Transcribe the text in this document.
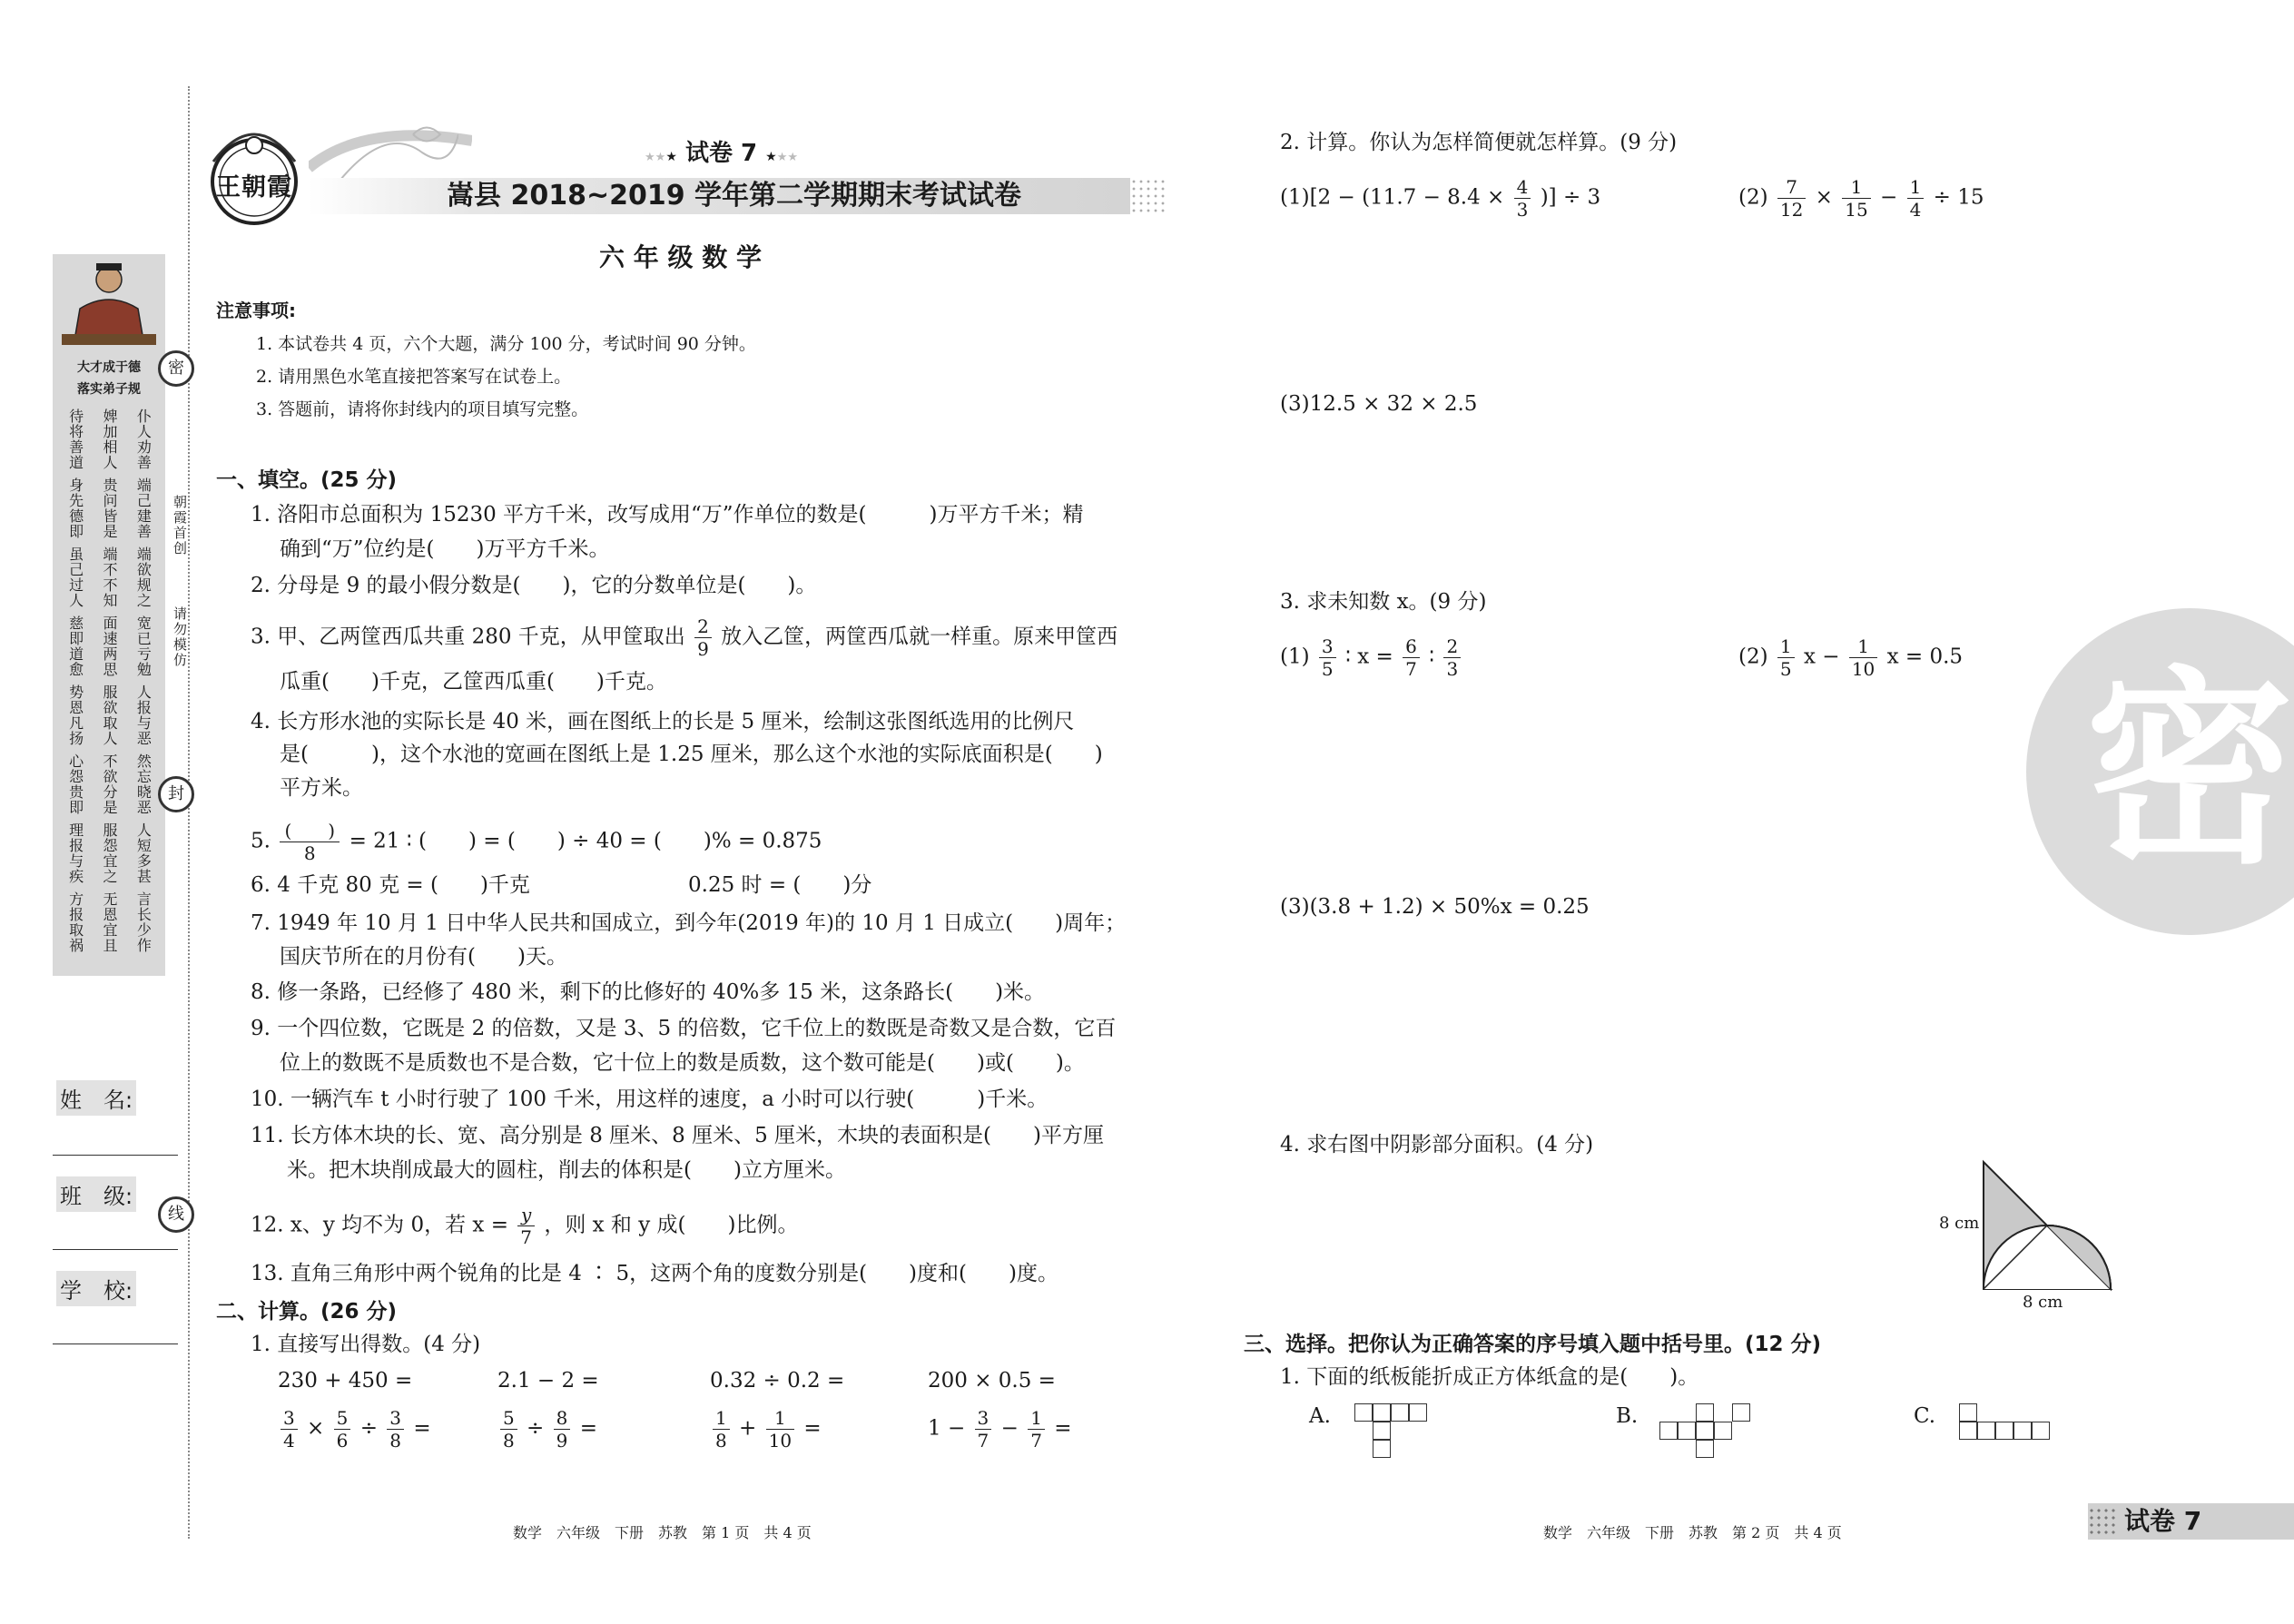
大才成于德
落实弟子规
待将善道 婢加相人 仆人劝善
身先德即 贵问皆是 端己建善
虽己过人 端不不知 端欲规之
慈即道愈 面速两思 宽已亏勉
势恩凡扬 服欲取人 人报与恶
心怨贵即 不欲分是 然忘晓恶
理报与疾 服怨宜之 人短多甚
方报取祸 无恩宜且 言长少作
密
封
线
朝霞首创
请勿模仿
姓　名:
班　级:
学　校:
王朝霞
★★★ 试卷 7 ★★★
嵩县 2018~2019 学年第二学期期末考试试卷
六 年 级 数 学
注意事项:
1. 本试卷共 4 页，六个大题，满分 100 分，考试时间 90 分钟。
2. 请用黑色水笔直接把答案写在试卷上。
3. 答题前，请将你封线内的项目填写完整。
一、填空。(25 分)
1. 洛阳市总面积为 15230 平方千米，改写成用“万”作单位的数是(　　　)万平方千米；精
确到“万”位约是(　　)万平方千米。
2. 分母是 9 的最小假分数是(　　)，它的分数单位是(　　)。
3. 甲、乙两筐西瓜共重 280 千克，从甲筐取出 $\frac{2}{9}$ 放入乙筐，两筐西瓜就一样重。原来甲筐西
瓜重(　　)千克，乙筐西瓜重(　　)千克。
4. 长方形水池的实际长是 40 米，画在图纸上的长是 5 厘米，绘制这张图纸选用的比例尺
是(　　　)，这个水池的宽画在图纸上是 1.25 厘米，那么这个水池的实际底面积是(　　)
平方米。
5. $\frac{( )}{8} = 21$ ∶ (　　) = (　　) ÷ 40 = (　　)% = 0.875
6. 4 千克 80 克 = (　　)千克	0.25 时 = (　　)分
7. 1949 年 10 月 1 日中华人民共和国成立，到今年(2019 年)的 10 月 1 日成立(　　)周年；
国庆节所在的月份有(　　)天。
8. 修一条路，已经修了 480 米，剩下的比修好的 40%多 15 米，这条路长(　　)米。
9. 一个四位数，它既是 2 的倍数，又是 3、5 的倍数，它千位上的数既是奇数又是合数，它百
位上的数既不是质数也不是合数，它十位上的数是质数，这个数可能是(　　)或(　　)。
10. 一辆汽车 t 小时行驶了 100 千米，用这样的速度，a 小时可以行驶(　　　)千米。
11. 长方体木块的长、宽、高分别是 8 厘米、8 厘米、5 厘米，木块的表面积是(　　)平方厘
米。把木块削成最大的圆柱，削去的体积是(　　)立方厘米。
12. x、y 均不为 0，若 $x = \frac{y}{7}$ ，则 x 和 y 成(　　)比例。
13. 直角三角形中两个锐角的比是 4 ∶ 5，这两个角的度数分别是(　　)度和(　　)度。
二、计算。(26 分)
1. 直接写出得数。(4 分)
230 + 450 =	2.1 − 2 =	0.32 ÷ 0.2 =	200 × 0.5 =
$\frac{3}{4} \times \frac{5}{6} \div \frac{3}{8}$ =	$\frac{5}{8} \div \frac{8}{9}$ =	$\frac{1}{8} + \frac{1}{10}$ =	$1 - \frac{3}{7} - \frac{1}{7}$ =
密
2. 计算。你认为怎样简便就怎样算。(9 分)
$(1)[2 - (11.7 - 8.4 \times \frac{4}{3}$ )] ÷ 3	$(2) \frac{7}{12} \times \frac{1}{15} - \frac{1}{4} \div 15$
(3)12.5 × 32 × 2.5
3. 求未知数 x。(9 分)
$(1) \frac{3}{5}$ ∶ $x = \frac{6}{7}$ ∶ $\frac{2}{3}$	$(2) \frac{1}{5}$ $x - \frac{1}{10}$ x = 0.5
(3)(3.8 + 1.2) × 50%x = 0.25
4. 求右图中阴影部分面积。(4 分)
8 cm
8 cm
三、选择。把你认为正确答案的序号填入题中括号里。(12 分)
1. 下面的纸板能折成正方体纸盒的是(　　)。
A.	B.	C.
数学　六年级　下册　苏教　第 1 页　共 4 页	数学　六年级　下册　苏教　第 2 页　共 4 页	试卷 7
